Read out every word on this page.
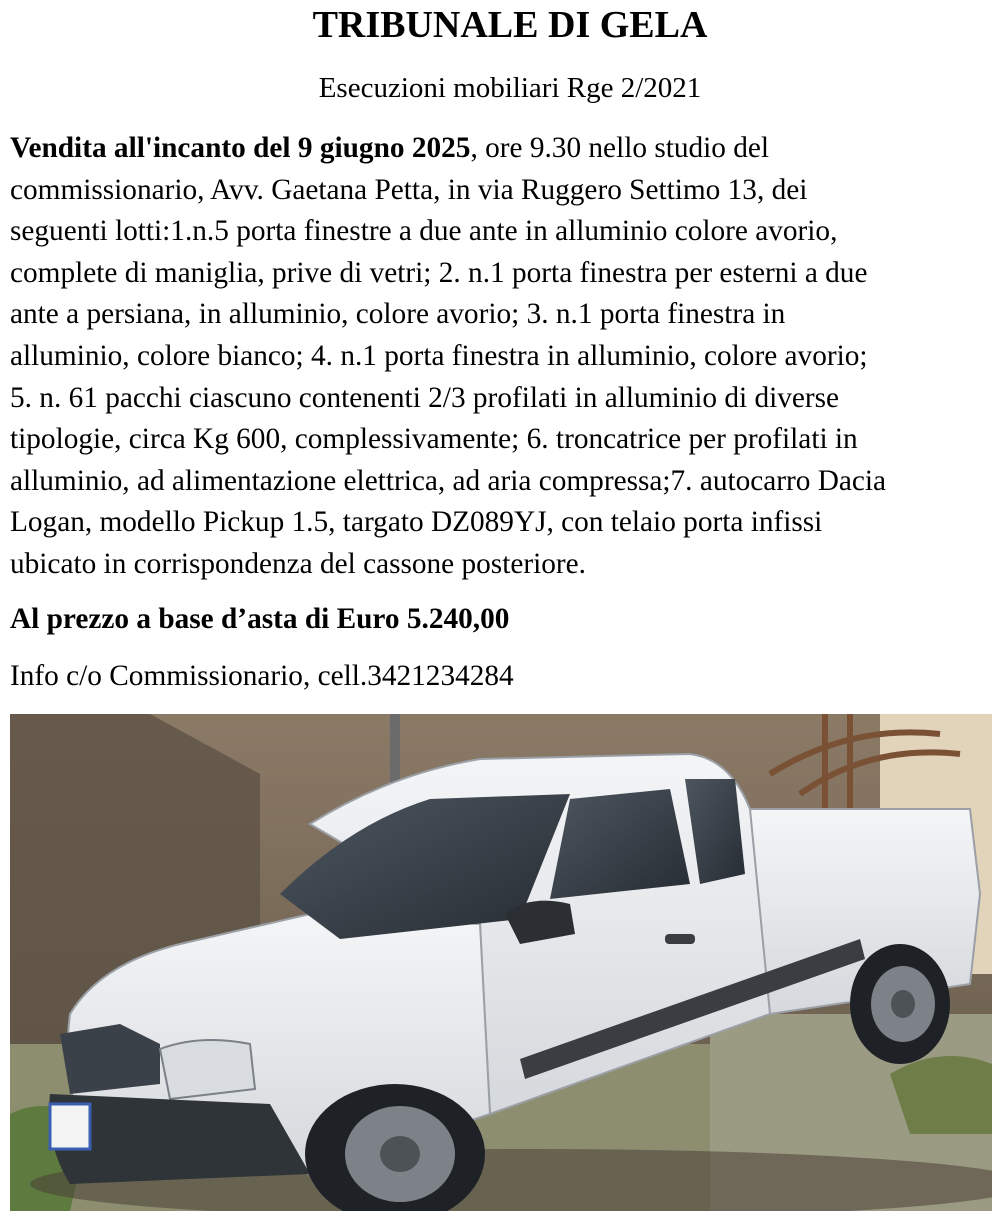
TRIBUNALE DI GELA

Esecuzioni mobiliari Rge 2/2021

Vendita all'incanto del 9 giugno 2025, ore 9.30 nello studio del
commissionario, Avv. Gaetana Petta, in via Ruggero Settimo 13, dei
seguenti lotti:1.n.5 porta finestre a due ante in alluminio colore avorio,
complete di maniglia, prive di vetri; 2. n.1 porta finestra per esterni a due
ante a persiana, in alluminio, colore avorio; 3. n.1 porta finestra in
alluminio, colore bianco; 4. n.1 porta finestra in alluminio, colore avorio;
5. n. 61 pacchi ciascuno contenenti 2/3 profilati in alluminio di diverse
tipologie, circa Kg 600, complessivamente; 6. troncatrice per profilati in
alluminio, ad alimentazione elettrica, ad aria compressa;7. autocarro Dacia
Logan, modello Pickup 1.5, targato DZ089YJ, con telaio porta infissi
ubicato in corrispondenza del cassone posteriore.

Al prezzo a base d’asta di Euro 5.240,00

Info c/o Commissionario, cell.3421234284
